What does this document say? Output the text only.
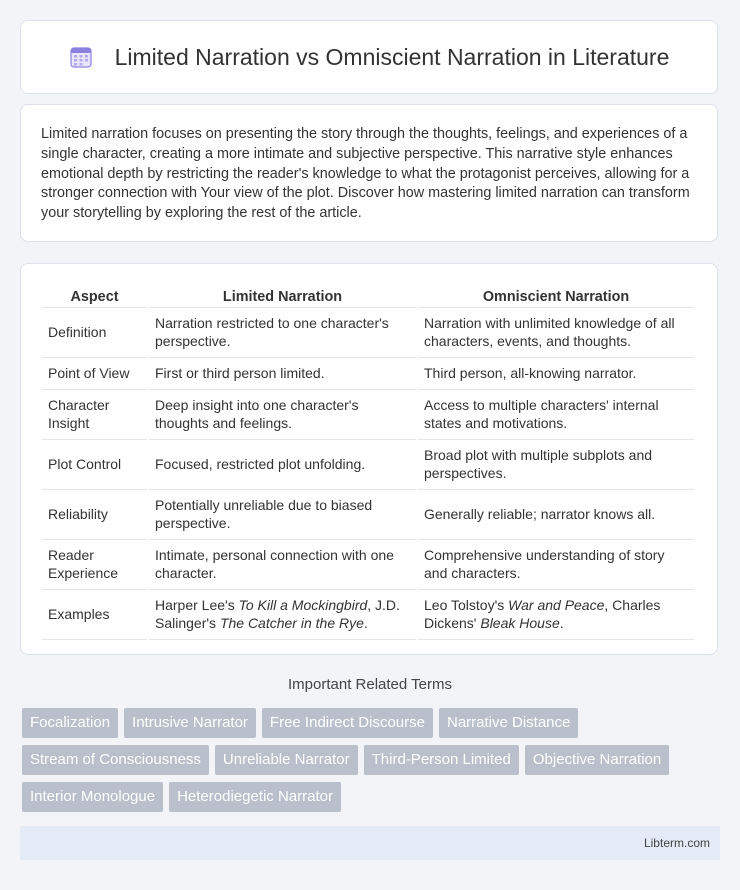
Limited Narration vs Omniscient Narration in Literature

Limited narration focuses on presenting the story through the thoughts, feelings, and experiences of a single character, creating a more intimate and subjective perspective. This narrative style enhances emotional depth by restricting the reader's knowledge to what the protagonist perceives, allowing for a stronger connection with Your view of the plot. Discover how mastering limited narration can transform your storytelling by exploring the rest of the article.

Aspect	Limited Narration	Omniscient Narration
Definition	Narration restricted to one character's perspective.	Narration with unlimited knowledge of all characters, events, and thoughts.
Point of View	First or third person limited.	Third person, all-knowing narrator.
Character Insight	Deep insight into one character's thoughts and feelings.	Access to multiple characters' internal states and motivations.
Plot Control	Focused, restricted plot unfolding.	Broad plot with multiple subplots and perspectives.
Reliability	Potentially unreliable due to biased perspective.	Generally reliable; narrator knows all.
Reader Experience	Intimate, personal connection with one character.	Comprehensive understanding of story and characters.
Examples	Harper Lee's To Kill a Mockingbird, J.D. Salinger's The Catcher in the Rye.	Leo Tolstoy's War and Peace, Charles Dickens' Bleak House.
Important Related Terms
Focalization	Intrusive Narrator	Free Indirect Discourse	Narrative Distance
Stream of Consciousness	Unreliable Narrator	Third-Person Limited	Objective Narration
Interior Monologue	Heterodiegetic Narrator
Libterm.com
